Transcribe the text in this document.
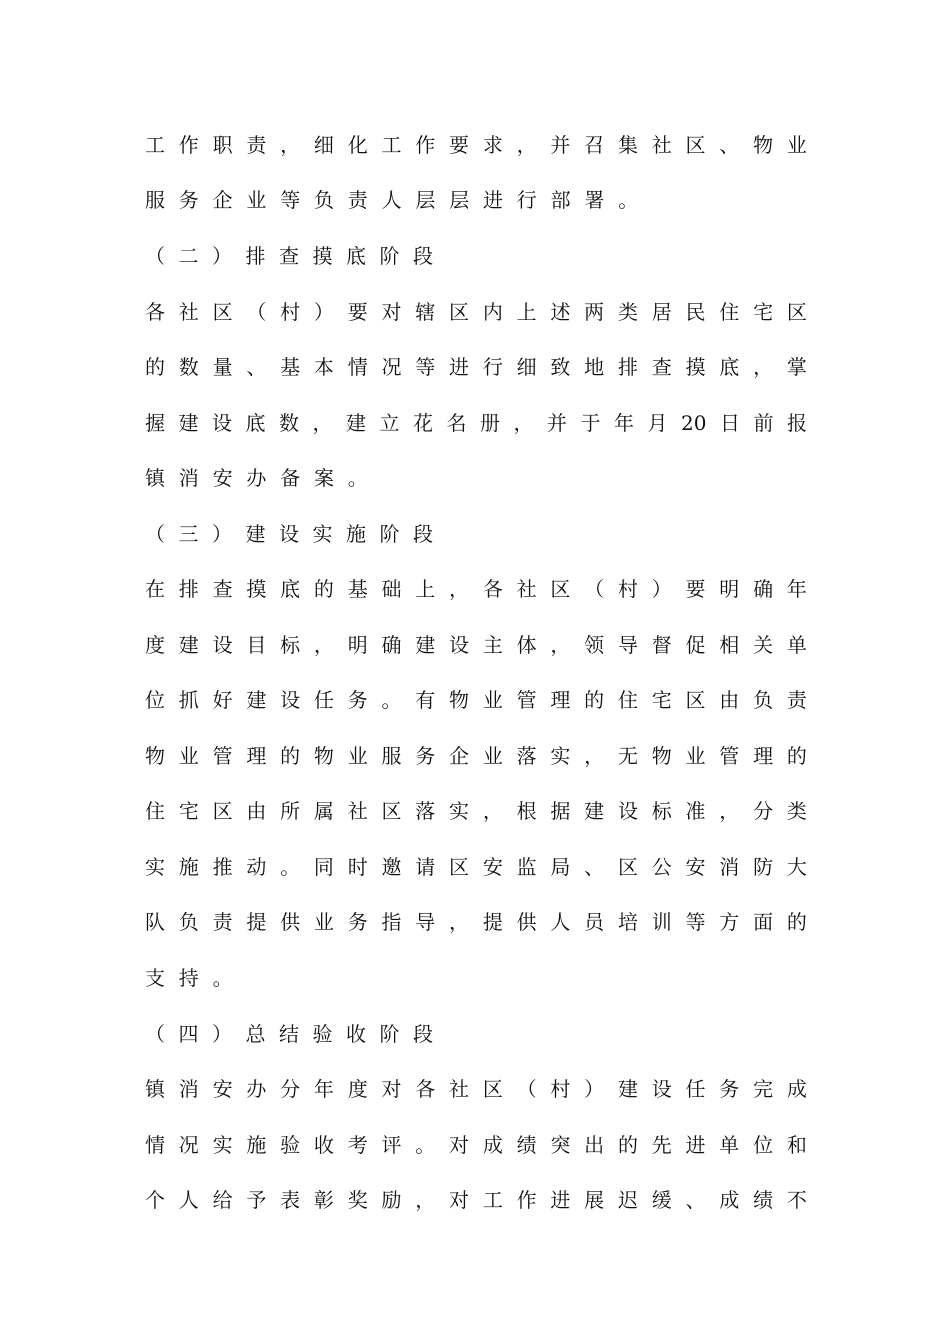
工 作 职 责 ， 细 化 工 作 要 求 ， 并 召 集 社 区 、 物 业
服务企业等负责人层层进行部署。
（二）排查摸底阶段
各 社 区 （ 村 ） 要 对 辖 区 内 上 述 两 类 居 民 住 宅 区
的 数 量 、 基 本 情 况 等 进 行 细 致 地 排 查 摸 底 ， 掌
握 建 设 底 数 ， 建 立 花 名 册 ， 并 于 年 月 20 日 前 报
镇消安办备案。
（三）建设实施阶段
在 排 查 摸 底 的 基 础 上 ， 各 社 区 （ 村 ） 要 明 确 年
度 建 设 目 标 ， 明 确 建 设 主 体 ， 领 导 督 促 相 关 单
位 抓 好 建 设 任 务 。 有 物 业 管 理 的 住 宅 区 由 负 责
物 业 管 理 的 物 业 服 务 企 业 落 实 ， 无 物 业 管 理 的
住 宅 区 由 所 属 社 区 落 实 ， 根 据 建 设 标 准 ， 分 类
实 施 推 动 。 同 时 邀 请 区 安 监 局 、 区 公 安 消 防 大
队 负 责 提 供 业 务 指 导 ， 提 供 人 员 培 训 等 方 面 的
支持。
（四）总结验收阶段
镇 消 安 办 分 年 度 对 各 社 区 （ 村 ） 建 设 任 务 完 成
情 况 实 施 验 收 考 评 。 对 成 绩 突 出 的 先 进 单 位 和
个 人 给 予 表 彰 奖 励 ， 对 工 作 进 展 迟 缓 、 成 绩 不
